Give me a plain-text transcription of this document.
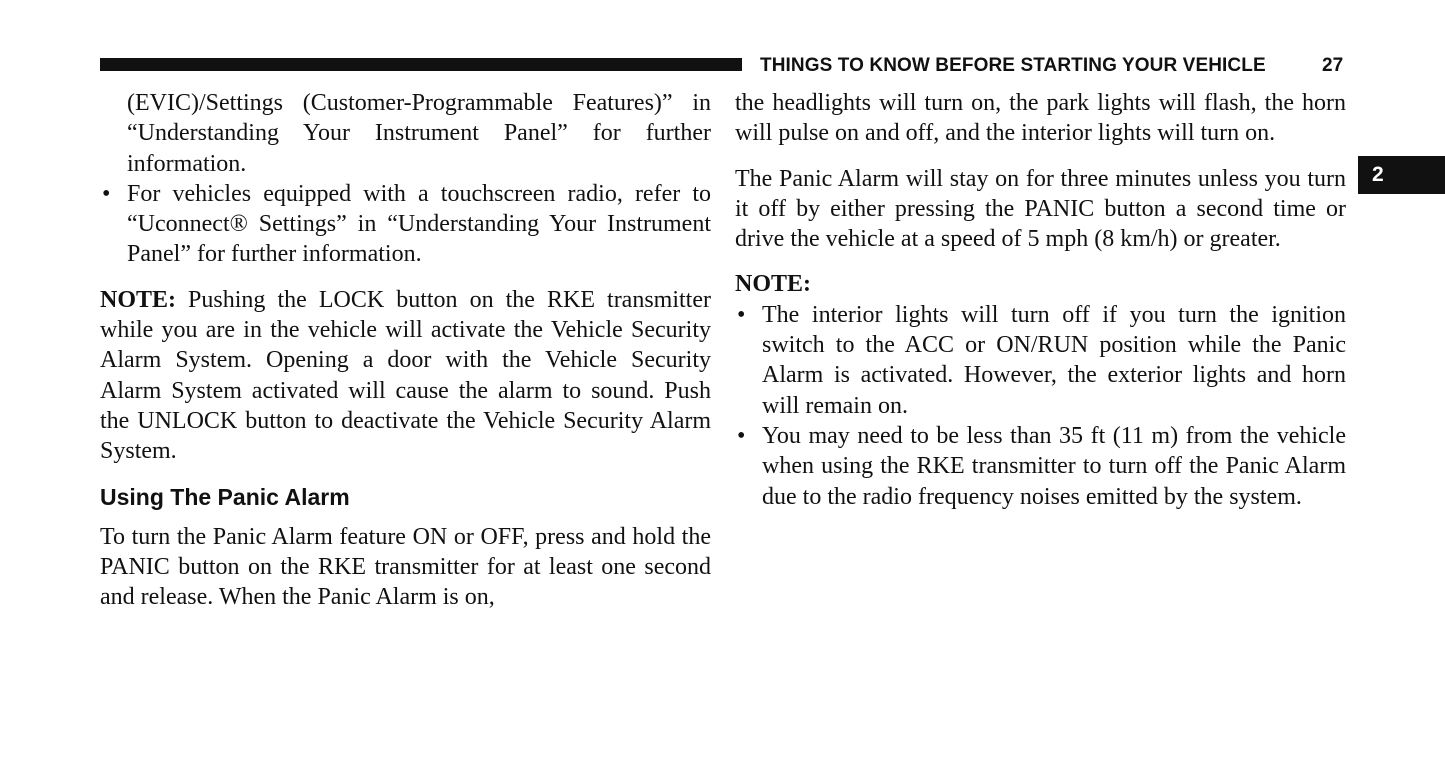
THINGS TO KNOW BEFORE STARTING YOUR VEHICLE	27
2

(EVIC)/Settings (Customer-Programmable Features)” in “Understanding Your Instrument Panel” for further information.

• For vehicles equipped with a touchscreen radio, refer to “Uconnect® Settings” in “Understanding Your Instrument Panel” for further information.

NOTE: Pushing the LOCK button on the RKE transmitter while you are in the vehicle will activate the Vehicle Security Alarm System. Opening a door with the Vehicle Security Alarm System activated will cause the alarm to sound. Push the UNLOCK button to deactivate the Vehicle Security Alarm System.

Using The Panic Alarm

To turn the Panic Alarm feature ON or OFF, press and hold the PANIC button on the RKE transmitter for at least one second and release. When the Panic Alarm is on,

the headlights will turn on, the park lights will flash, the horn will pulse on and off, and the interior lights will turn on.

The Panic Alarm will stay on for three minutes unless you turn it off by either pressing the PANIC button a second time or drive the vehicle at a speed of 5 mph (8 km/h) or greater.

NOTE:

• The interior lights will turn off if you turn the ignition switch to the ACC or ON/RUN position while the Panic Alarm is activated. However, the exterior lights and horn will remain on.
• You may need to be less than 35 ft (11 m) from the vehicle when using the RKE transmitter to turn off the Panic Alarm due to the radio frequency noises emitted by the system.
